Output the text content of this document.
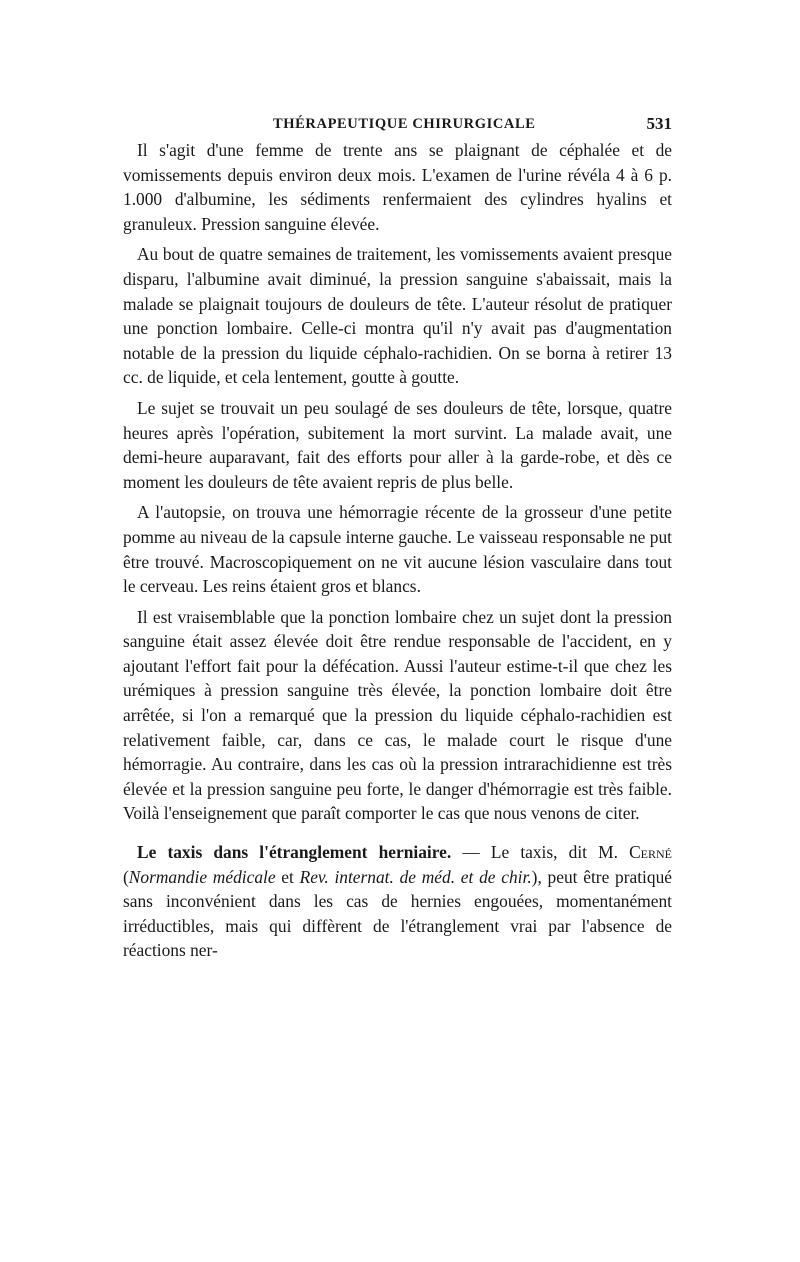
THÉRAPEUTIQUE CHIRURGICALE	531

Il s'agit d'une femme de trente ans se plaignant de céphalée et de vomissements depuis environ deux mois. L'examen de l'urine révéla 4 à 6 p. 1.000 d'albumine, les sédiments renfermaient des cylindres hyalins et granuleux. Pression sanguine élevée.

Au bout de quatre semaines de traitement, les vomissements avaient presque disparu, l'albumine avait diminué, la pression sanguine s'abaissait, mais la malade se plaignait toujours de douleurs de tête. L'auteur résolut de pratiquer une ponction lombaire. Celle-ci montra qu'il n'y avait pas d'augmentation notable de la pression du liquide céphalo-rachidien. On se borna à retirer 13 cc. de liquide, et cela lentement, goutte à goutte.

Le sujet se trouvait un peu soulagé de ses douleurs de tête, lorsque, quatre heures après l'opération, subitement la mort survint. La malade avait, une demi-heure auparavant, fait des efforts pour aller à la garde-robe, et dès ce moment les douleurs de tête avaient repris de plus belle.

A l'autopsie, on trouva une hémorragie récente de la grosseur d'une petite pomme au niveau de la capsule interne gauche. Le vaisseau responsable ne put être trouvé. Macroscopiquement on ne vit aucune lésion vasculaire dans tout le cerveau. Les reins étaient gros et blancs.

Il est vraisemblable que la ponction lombaire chez un sujet dont la pression sanguine était assez élevée doit être rendue responsable de l'accident, en y ajoutant l'effort fait pour la défécation. Aussi l'auteur estime-t-il que chez les urémiques à pression sanguine très élevée, la ponction lombaire doit être arrêtée, si l'on a remarqué que la pression du liquide céphalo-rachidien est relativement faible, car, dans ce cas, le malade court le risque d'une hémorragie. Au contraire, dans les cas où la pression intrarachidienne est très élevée et la pression sanguine peu forte, le danger d'hémorragie est très faible. Voilà l'enseignement que paraît comporter le cas que nous venons de citer.

Le taxis dans l'étranglement herniaire. — Le taxis, dit M. Cerné (Normandie médicale et Rev. internat. de méd. et de chir.), peut être pratiqué sans inconvénient dans les cas de hernies engouées, momentanément irréductibles, mais qui diffèrent de l'étranglement vrai par l'absence de réactions ner-
